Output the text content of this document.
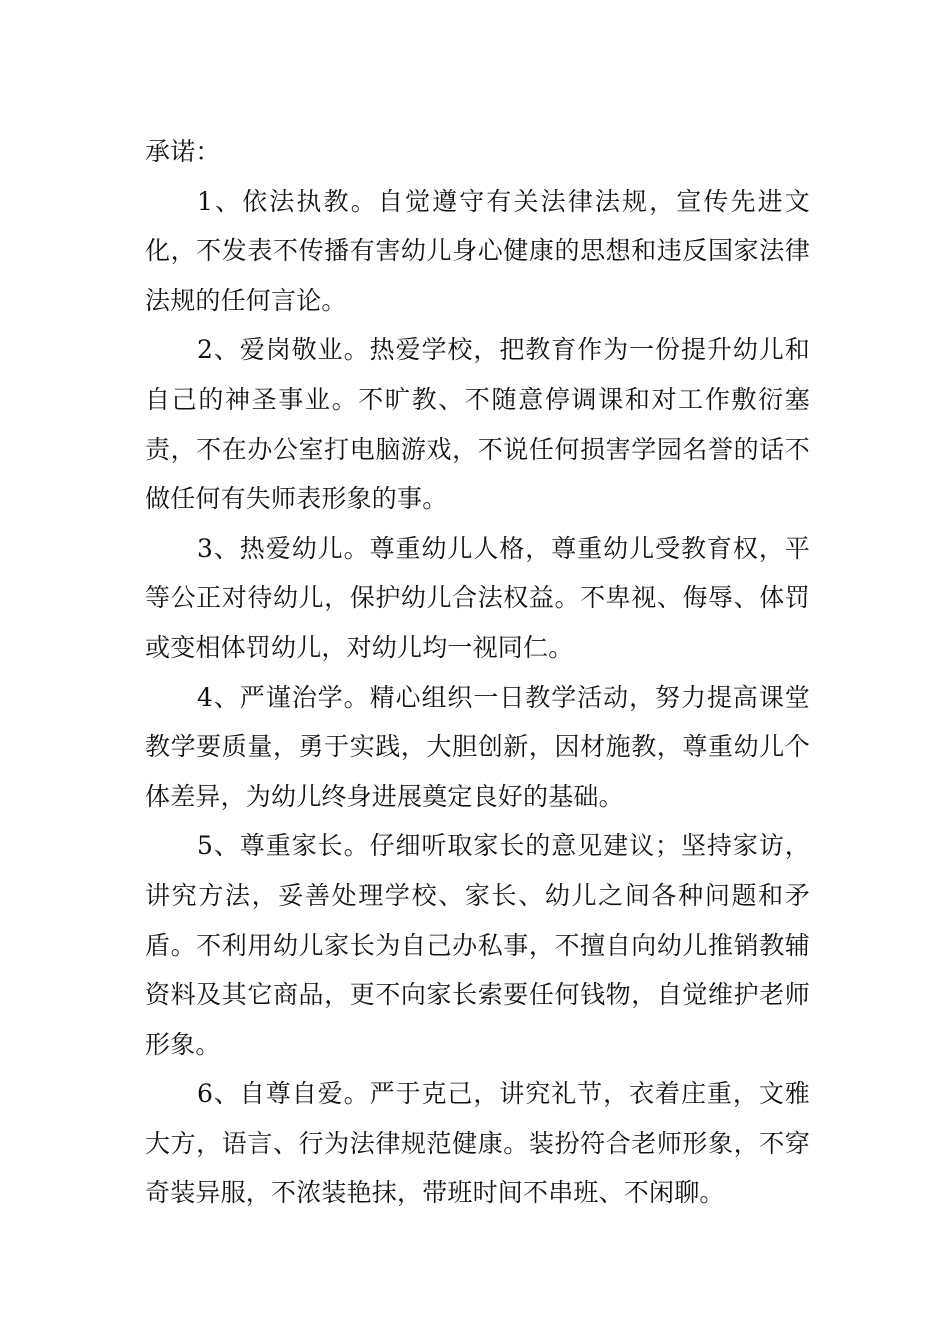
承诺：

1、依法执教。自觉遵守有关法律法规，宣传先进文化，不发表不传播有害幼儿身心健康的思想和违反国家法律法规的任何言论。

2、爱岗敬业。热爱学校，把教育作为一份提升幼儿和自己的神圣事业。不旷教、不随意停调课和对工作敷衍塞责，不在办公室打电脑游戏，不说任何损害学园名誉的话不做任何有失师表形象的事。

3、热爱幼儿。尊重幼儿人格，尊重幼儿受教育权，平等公正对待幼儿，保护幼儿合法权益。不卑视、侮辱、体罚或变相体罚幼儿，对幼儿均一视同仁。

4、严谨治学。精心组织一日教学活动，努力提高课堂教学要质量，勇于实践，大胆创新，因材施教，尊重幼儿个体差异，为幼儿终身进展奠定良好的基础。

5、尊重家长。仔细听取家长的意见建议；坚持家访，讲究方法，妥善处理学校、家长、幼儿之间各种问题和矛盾。不利用幼儿家长为自己办私事，不擅自向幼儿推销教辅资料及其它商品，更不向家长索要任何钱物，自觉维护老师形象。

6、自尊自爱。严于克己，讲究礼节，衣着庄重，文雅大方，语言、行为法律规范健康。装扮符合老师形象，不穿奇装异服，不浓装艳抹，带班时间不串班、不闲聊。
